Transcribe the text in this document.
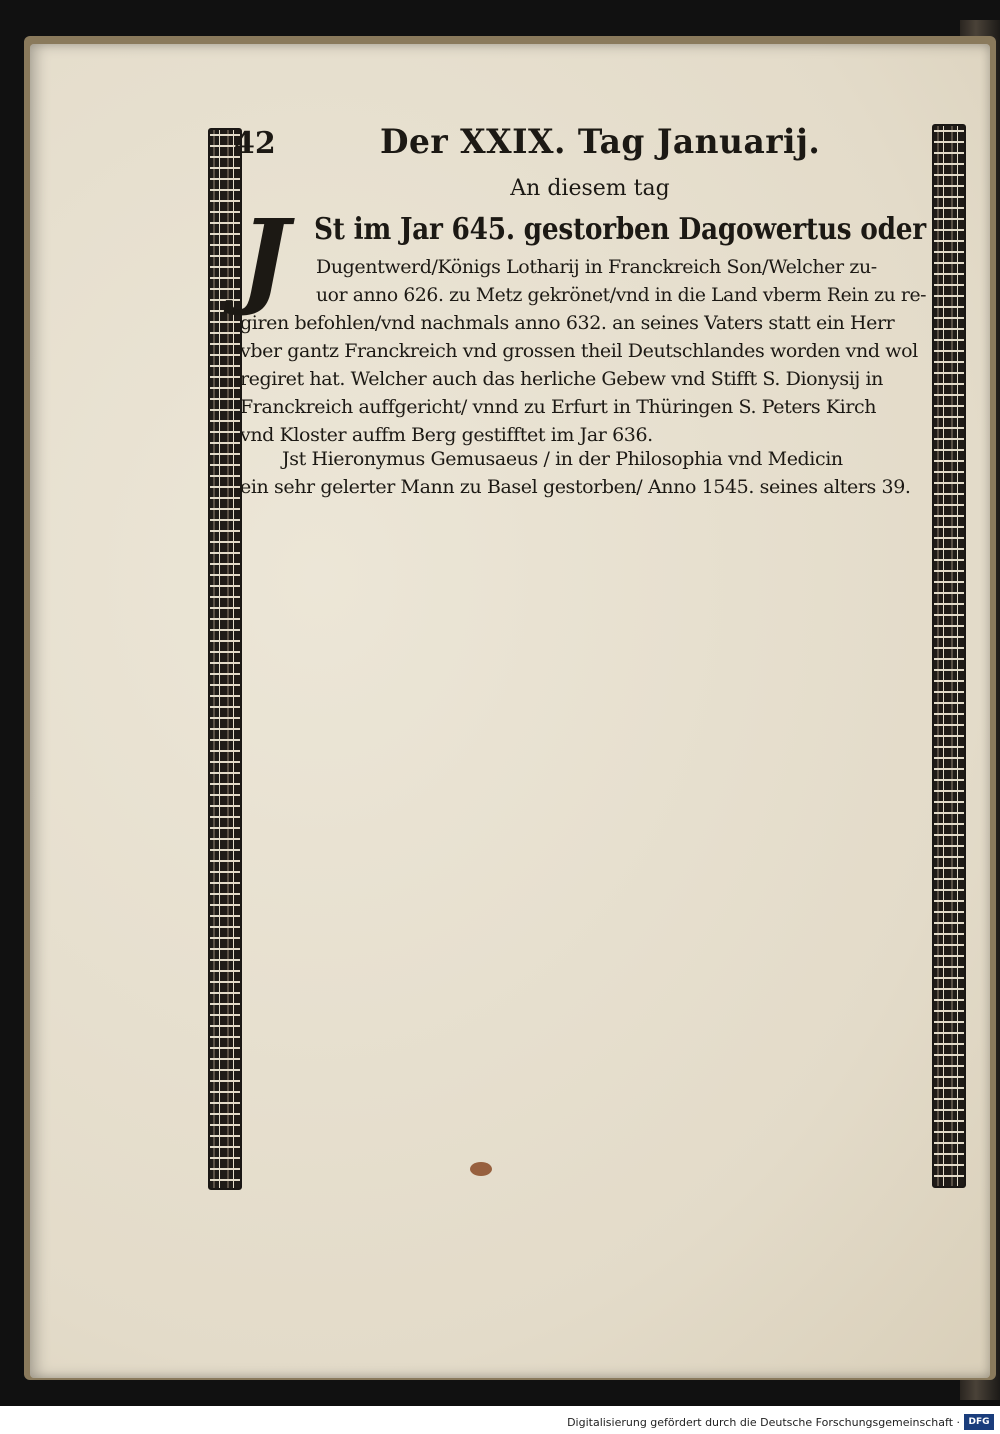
42	Der XXIX. Tag Januarij.
An diesem tag
J St im Jar 645. gestorben Dagowertus oder
Dugentwerd/Königs Lotharij in Franckreich Son/Welcher zu-
uor anno 626. zu Metz gekrönet/vnd in die Land vberm Rein zu re-
giren befohlen/vnd nachmals anno 632. an seines Vaters statt ein Herr
vber gantz Franckreich vnd grossen theil Deutschlandes worden vnd wol
regiret hat. Welcher auch das herliche Gebew vnd Stifft S. Dionysij in
Franckreich auffgericht/ vnnd zu Erfurt in Thüringen S. Peters Kirch
vnd Kloster auffm Berg gestifftet im Jar 636.
Jst Hieronymus Gemusaeus / in der Philosophia vnd Medicin
ein sehr gelerter Mann zu Basel gestorben/ Anno 1545. seines alters 39.
Digitalisierung gefördert durch die Deutsche Forschungsgemeinschaft · DFG
